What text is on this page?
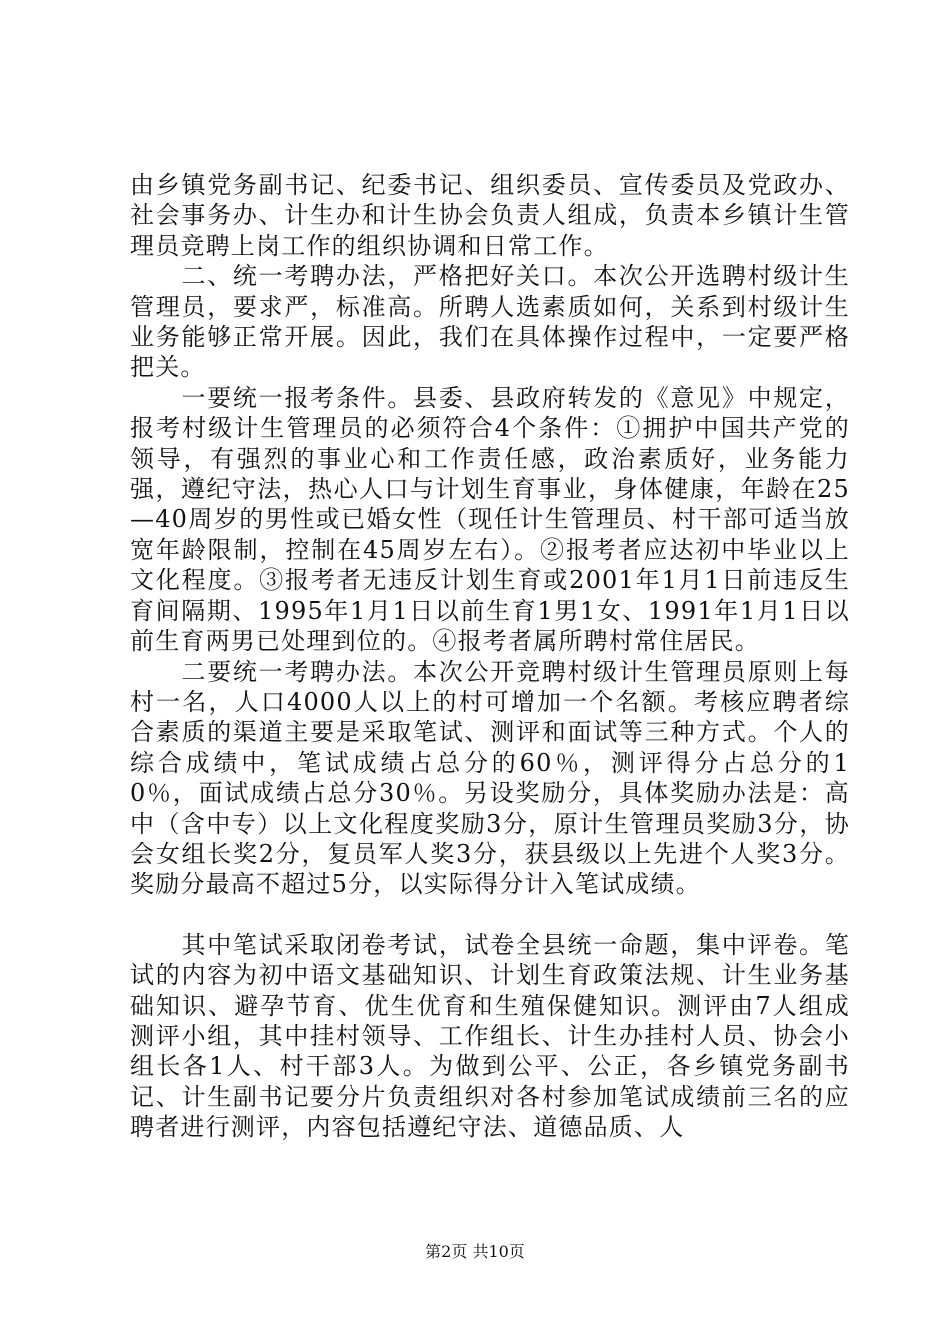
由乡镇党务副书记、纪委书记、组织委员、宣传委员及党政办、社会事务办、计生办和计生协会负责人组成，负责本乡镇计生管理员竞聘上岗工作的组织协调和日常工作。

　　二、统一考聘办法，严格把好关口。本次公开选聘村级计生管理员，要求严，标准高。所聘人选素质如何，关系到村级计生业务能够正常开展。因此，我们在具体操作过程中，一定要严格把关。

　　一要统一报考条件。县委、县政府转发的《意见》中规定，报考村级计生管理员的必须符合4个条件：①拥护中国共产党的领导，有强烈的事业心和工作责任感，政治素质好，业务能力强，遵纪守法，热心人口与计划生育事业，身体健康，年龄在25—40周岁的男性或已婚女性（现任计生管理员、村干部可适当放宽年龄限制，控制在45周岁左右）。②报考者应达初中毕业以上文化程度。③报考者无违反计划生育或2001年1月1日前违反生育间隔期、1995年1月1日以前生育1男1女、1991年1月1日以前生育两男已处理到位的。④报考者属所聘村常住居民。

　　二要统一考聘办法。本次公开竞聘村级计生管理员原则上每村一名，人口4000人以上的村可增加一个名额。考核应聘者综合素质的渠道主要是采取笔试、测评和面试等三种方式。个人的综合成绩中，笔试成绩占总分的60％，测评得分占总分的10％，面试成绩占总分30％。另设奖励分，具体奖励办法是：高中（含中专）以上文化程度奖励3分，原计生管理员奖励3分，协会女组长奖2分，复员军人奖3分，获县级以上先进个人奖3分。奖励分最高不超过5分，以实际得分计入笔试成绩。

　　其中笔试采取闭卷考试，试卷全县统一命题，集中评卷。笔试的内容为初中语文基础知识、计划生育政策法规、计生业务基础知识、避孕节育、优生优育和生殖保健知识。测评由7人组成测评小组，其中挂村领导、工作组长、计生办挂村人员、协会小组长各1人、村干部3人。为做到公平、公正，各乡镇党务副书记、计生副书记要分片负责组织对各村参加笔试成绩前三名的应聘者进行测评，内容包括遵纪守法、道德品质、人

第2页 共10页
